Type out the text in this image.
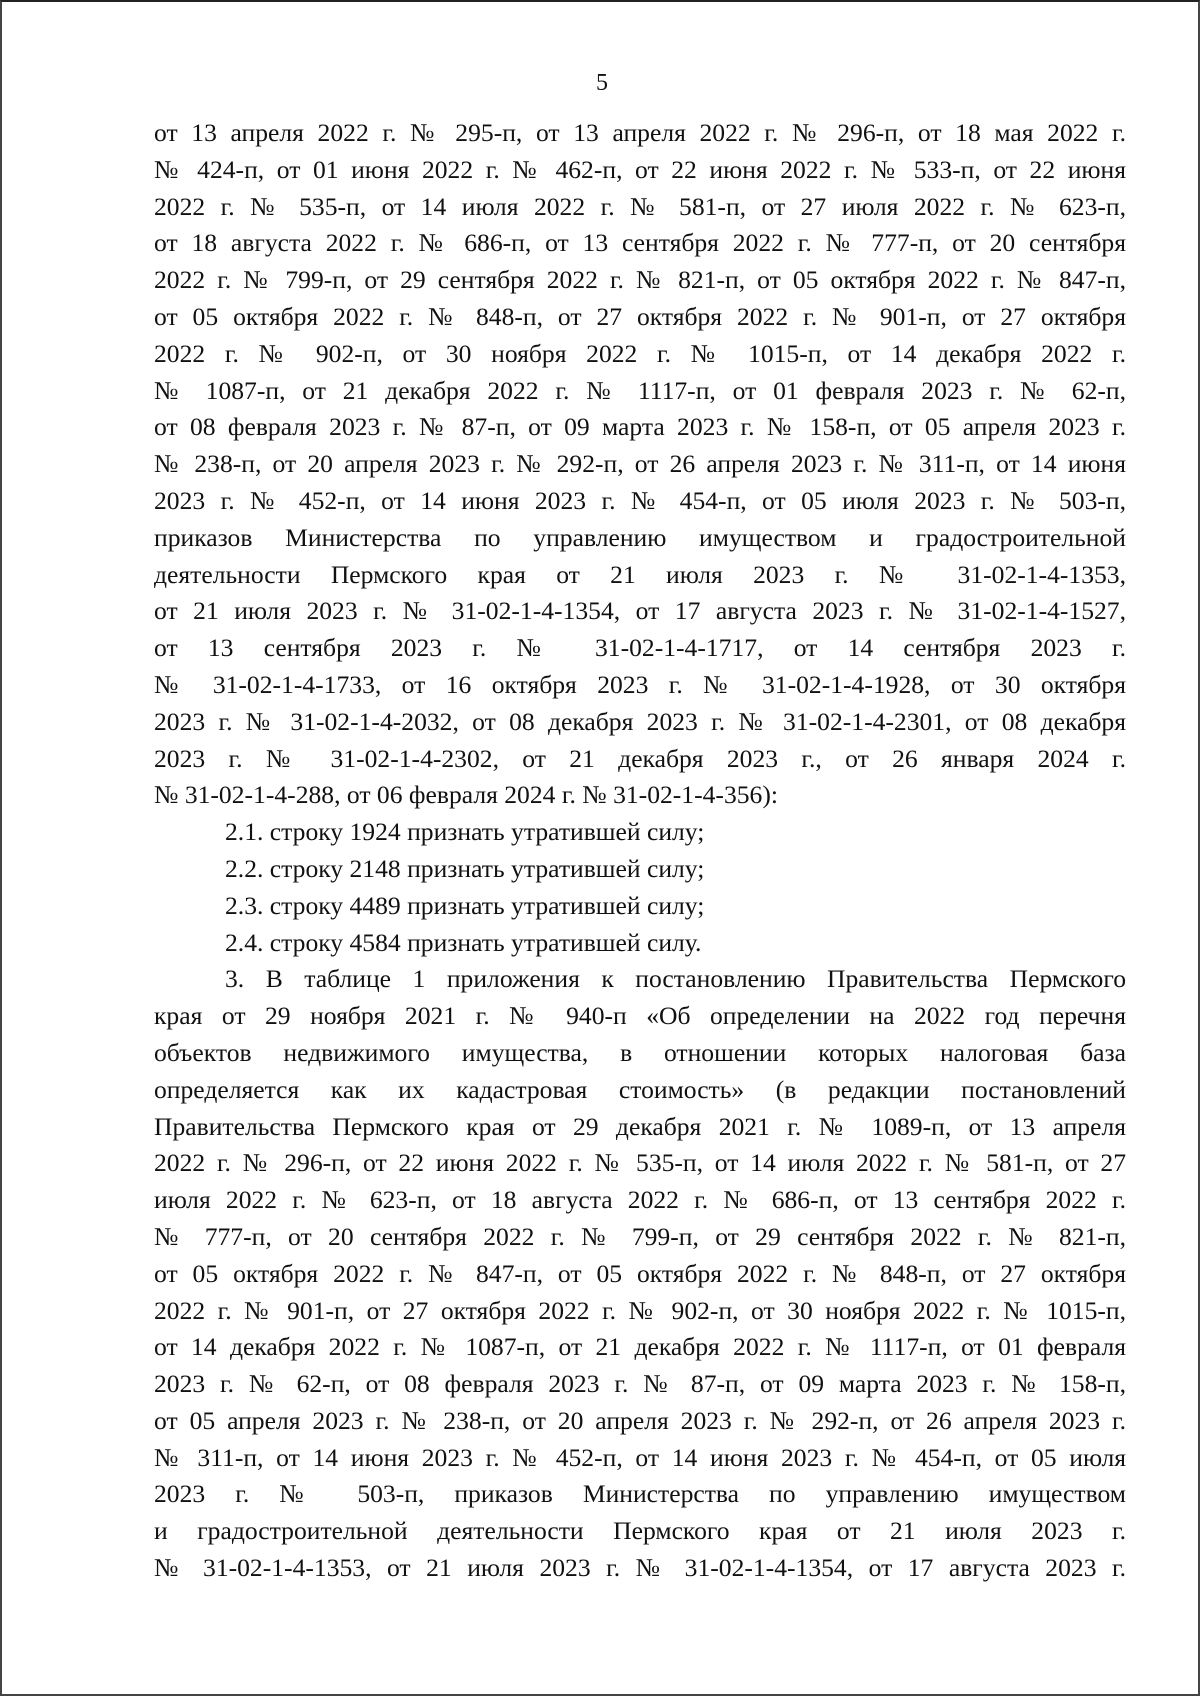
5
от 13 апреля 2022 г. № 295-п, от 13 апреля 2022 г. № 296-п, от 18 мая 2022 г.
№ 424-п, от 01 июня 2022 г. № 462-п, от 22 июня 2022 г. № 533-п, от 22 июня
2022 г. № 535-п, от 14 июля 2022 г. № 581-п, от 27 июля 2022 г. № 623-п,
от 18 августа 2022 г. № 686-п, от 13 сентября 2022 г. № 777-п, от 20 сентября
2022 г. № 799-п, от 29 сентября 2022 г. № 821-п, от 05 октября 2022 г. № 847-п,
от 05 октября 2022 г. № 848-п, от 27 октября 2022 г. № 901-п, от 27 октября
2022 г. № 902-п, от 30 ноября 2022 г. № 1015-п, от 14 декабря 2022 г.
№ 1087-п, от 21 декабря 2022 г. № 1117-п, от 01 февраля 2023 г. № 62-п,
от 08 февраля 2023 г. № 87-п, от 09 марта 2023 г. № 158-п, от 05 апреля 2023 г.
№ 238-п, от 20 апреля 2023 г. № 292-п, от 26 апреля 2023 г. № 311-п, от 14 июня
2023 г. № 452-п, от 14 июня 2023 г. № 454-п, от 05 июля 2023 г. № 503-п,
приказов Министерства по управлению имуществом и градостроительной
деятельности Пермского края от 21 июля 2023 г. № 31-02-1-4-1353,
от 21 июля 2023 г. № 31-02-1-4-1354, от 17 августа 2023 г. № 31-02-1-4-1527,
от 13 сентября 2023 г. № 31-02-1-4-1717, от 14 сентября 2023 г.
№ 31-02-1-4-1733, от 16 октября 2023 г. № 31-02-1-4-1928, от 30 октября
2023 г. № 31-02-1-4-2032, от 08 декабря 2023 г. № 31-02-1-4-2301, от 08 декабря
2023 г. № 31-02-1-4-2302, от 21 декабря 2023 г., от 26 января 2024 г.
№ 31-02-1-4-288, от 06 февраля 2024 г. № 31-02-1-4-356):
2.1. строку 1924 признать утратившей силу;
2.2. строку 2148 признать утратившей силу;
2.3. строку 4489 признать утратившей силу;
2.4. строку 4584 признать утратившей силу.
3. В таблице 1 приложения к постановлению Правительства Пермского
края от 29 ноября 2021 г. № 940-п «Об определении на 2022 год перечня
объектов недвижимого имущества, в отношении которых налоговая база
определяется как их кадастровая стоимость» (в редакции постановлений
Правительства Пермского края от 29 декабря 2021 г. № 1089-п, от 13 апреля
2022 г. № 296-п, от 22 июня 2022 г. № 535-п, от 14 июля 2022 г. № 581-п, от 27
июля 2022 г. № 623-п, от 18 августа 2022 г. № 686-п, от 13 сентября 2022 г.
№ 777-п, от 20 сентября 2022 г. № 799-п, от 29 сентября 2022 г. № 821-п,
от 05 октября 2022 г. № 847-п, от 05 октября 2022 г. № 848-п, от 27 октября
2022 г. № 901-п, от 27 октября 2022 г. № 902-п, от 30 ноября 2022 г. № 1015-п,
от 14 декабря 2022 г. № 1087-п, от 21 декабря 2022 г. № 1117-п, от 01 февраля
2023 г. № 62-п, от 08 февраля 2023 г. № 87-п, от 09 марта 2023 г. № 158-п,
от 05 апреля 2023 г. № 238-п, от 20 апреля 2023 г. № 292-п, от 26 апреля 2023 г.
№ 311-п, от 14 июня 2023 г. № 452-п, от 14 июня 2023 г. № 454-п, от 05 июля
2023 г. № 503-п, приказов Министерства по управлению имуществом
и градостроительной деятельности Пермского края от 21 июля 2023 г.
№ 31-02-1-4-1353, от 21 июля 2023 г. № 31-02-1-4-1354, от 17 августа 2023 г.
